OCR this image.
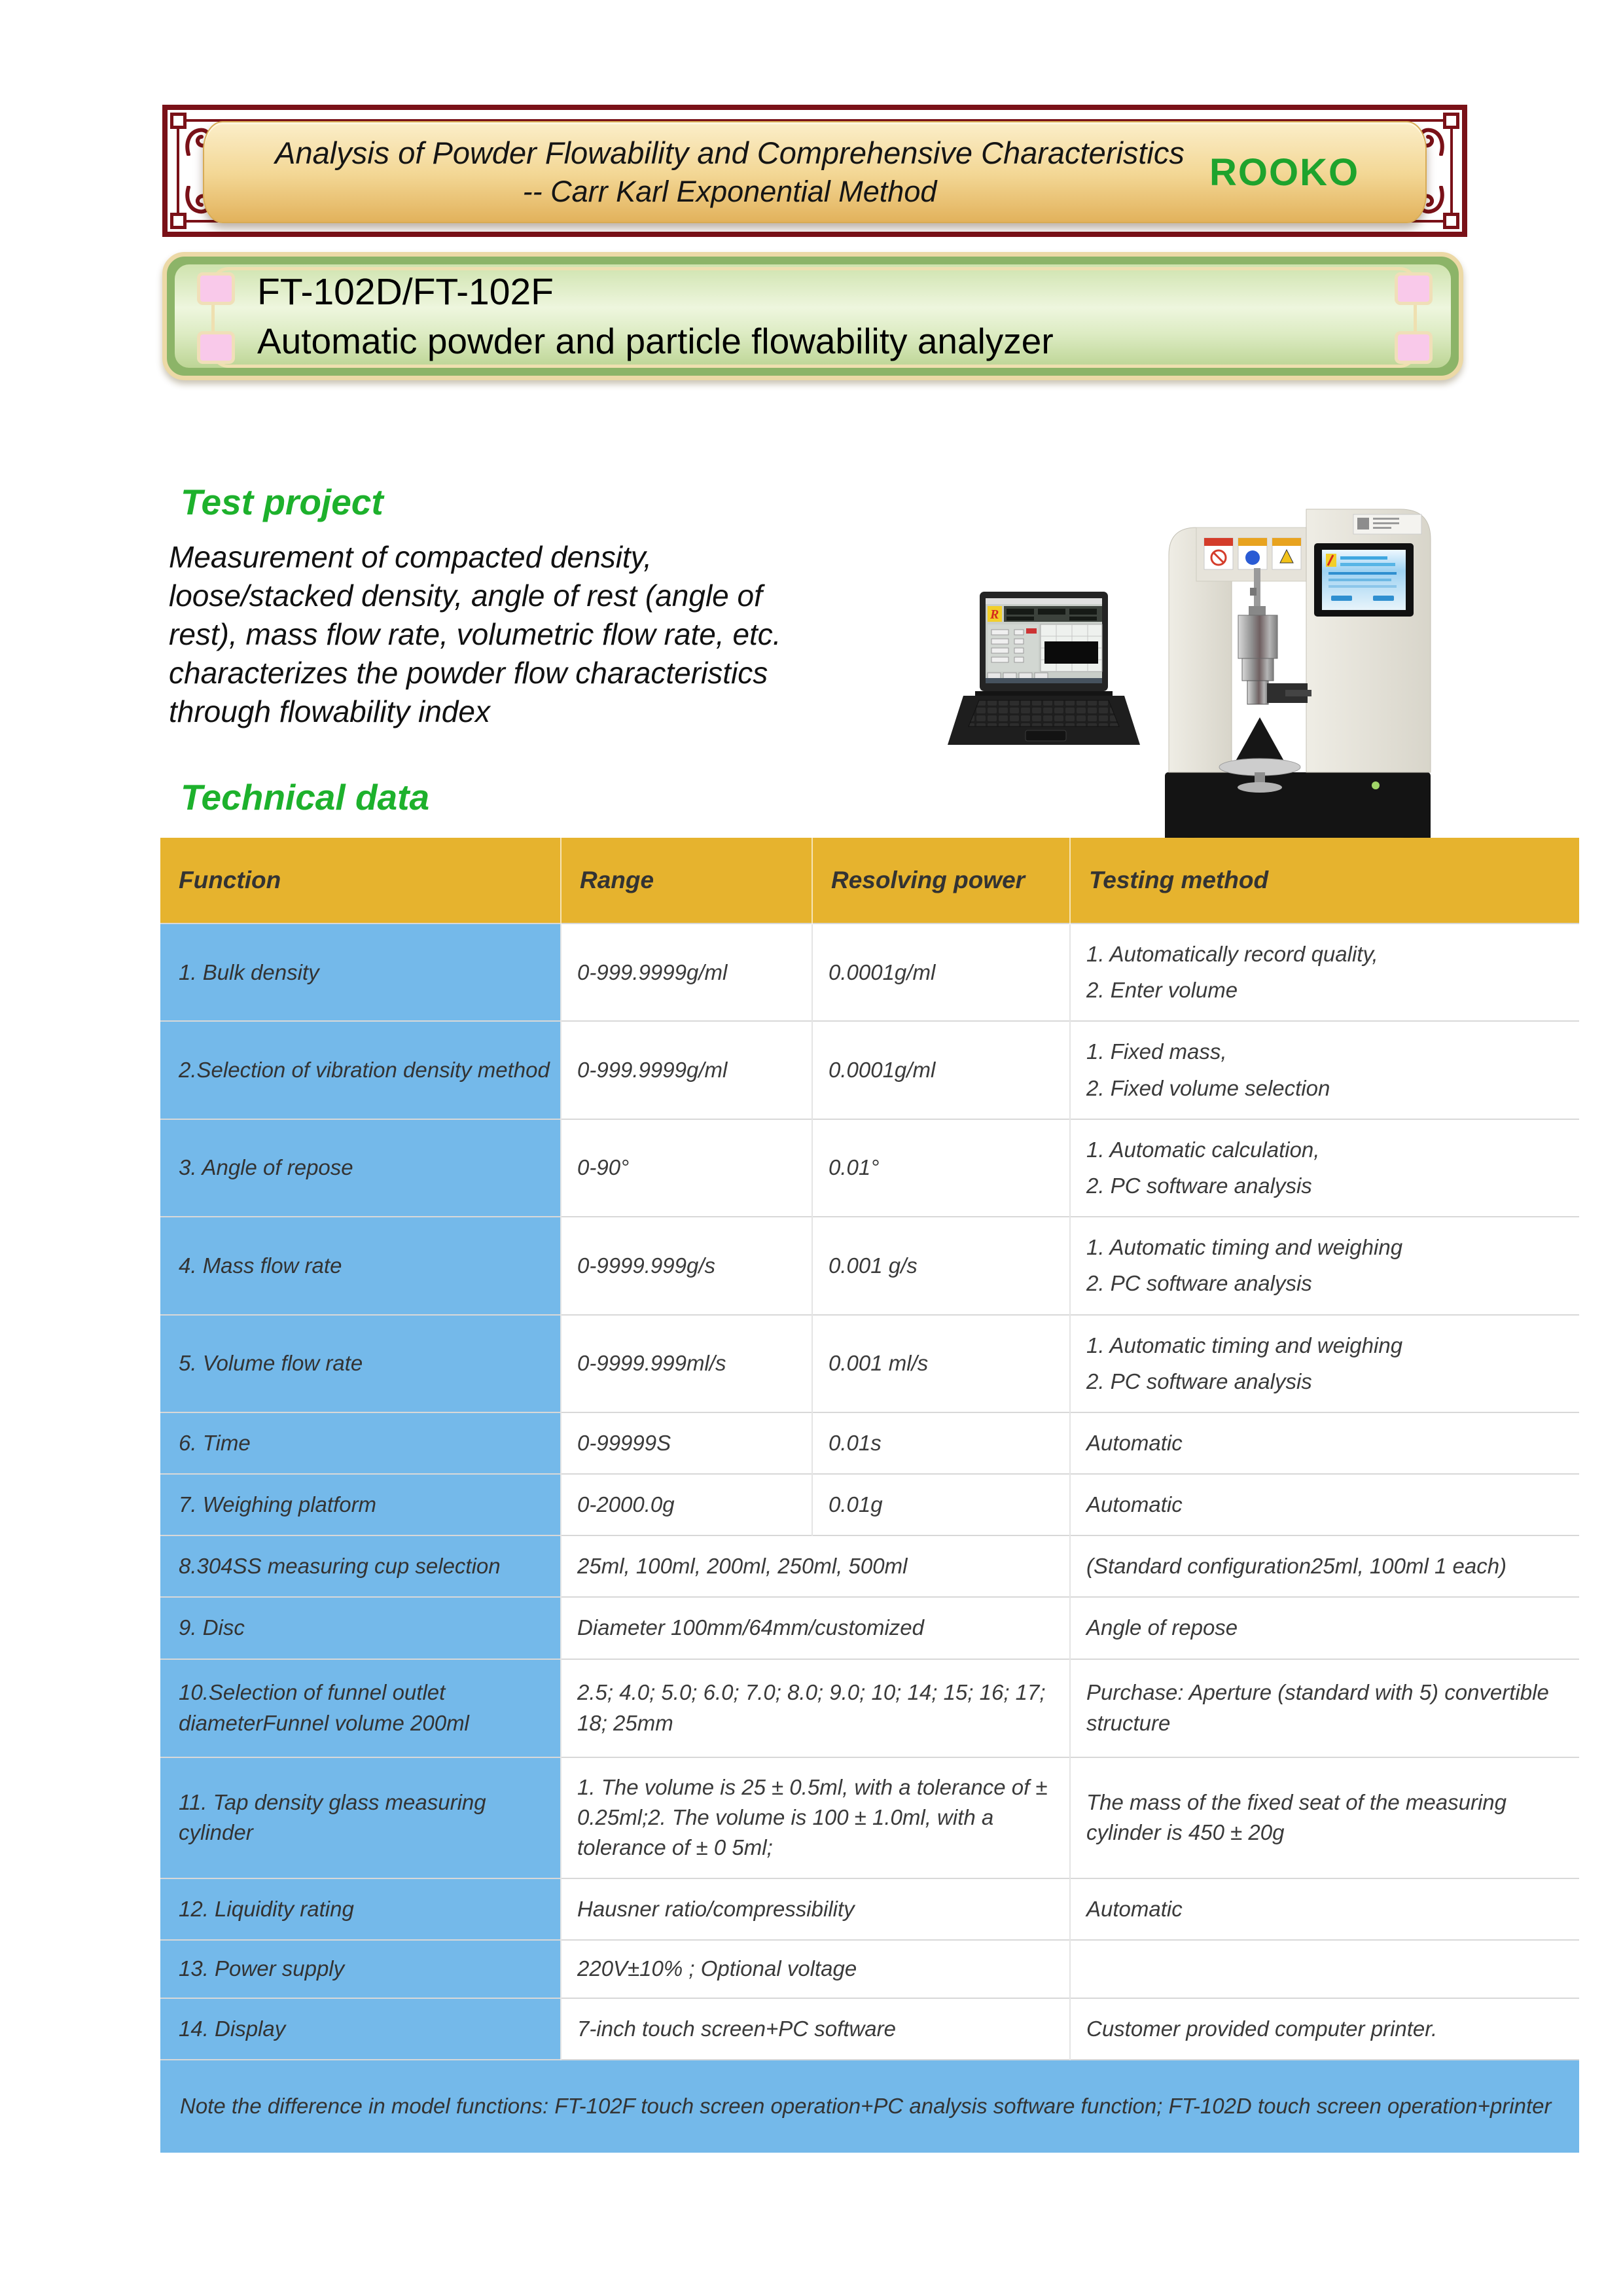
Analysis of Powder Flowability and Comprehensive Characteristics
-- Carr Karl Exponential Method	ROOKO
FT-102D/FT-102F
Automatic powder and particle flowability analyzer
Test project
Measurement of compacted density, loose/stacked density, angle of rest (angle of rest), mass flow rate, volumetric flow rate, etc. characterizes the powder flow characteristics through flowability index
R
Technical data
Function	Range	Resolving power	Testing method
1. Bulk density	0-999.9999g/ml	0.0001g/ml	1. Automatically record quality,
2. Enter volume

2.Selection of vibration density method	0-999.9999g/ml	0.0001g/ml	1. Fixed mass,
2. Fixed volume selection

3. Angle of repose	0-90°	0.01°	1. Automatic calculation,
2. PC software analysis

4. Mass flow rate	0-9999.999g/s	0.001 g/s	1. Automatic timing and weighing
2. PC software analysis

5. Volume flow rate	0-9999.999ml/s	0.001 ml/s	1. Automatic timing and weighing
2. PC software analysis

6. Time	0-99999S	0.01s	Automatic

7. Weighing platform	0-2000.0g	0.01g	Automatic

8.304SS measuring cup selection	25ml, 100ml, 200ml, 250ml, 500ml		(Standard configuration25ml, 100ml 1 each)

9. Disc	Diameter 100mm/64mm/customized		Angle of repose

10.Selection of funnel outlet diameterFunnel volume 200ml	2.5; 4.0; 5.0; 6.0; 7.0; 8.0; 9.0; 10; 14; 15; 16; 17; 18; 25mm		Purchase: Aperture (standard with 5) convertible structure

11. Tap density glass measuring cylinder	1. The volume is 25 ± 0.5ml, with a tolerance of ± 0.25ml;2. The volume is 100 ± 1.0ml, with a tolerance of ± 0 5ml;		The mass of the fixed seat of the measuring cylinder is 450 ± 20g

12. Liquidity rating	Hausner ratio/compressibility		Automatic

13. Power supply	220V±10% ; Optional voltage		

14. Display	7-inch touch screen+PC software		Customer provided computer printer.

Note the difference in model functions: FT-102F touch screen operation+PC analysis software function; FT-102D touch screen operation+printer			
